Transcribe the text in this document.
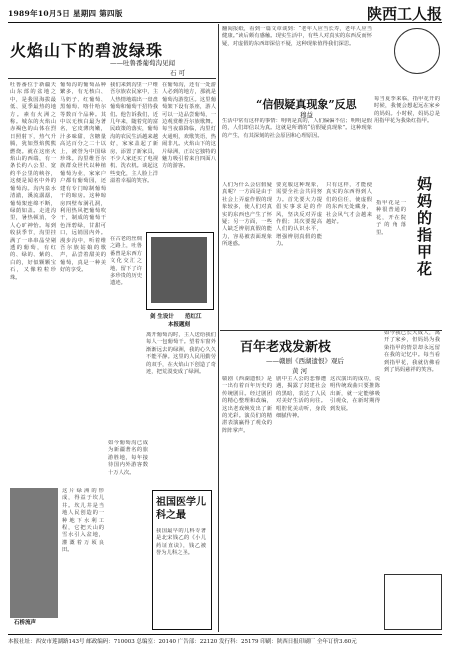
1989年10月5日 星期四 第四版	陕西工人报
火焰山下的碧波绿珠
——吐鲁番葡萄沟见闻
石 可
吐鲁番位于新疆天山东部的盆地之中，是我国海拔最低、夏季最热的地方。素有火洲之称。城东的火焰山赤褐色的山体在烈日照射下，热气升腾，犹如烈焰熊熊燃烧。就在这座火焰山的西端，有一条长约八公里、宽约半公里的峡谷，这便是闻名中外的葡萄沟。沟内泉水清澈，溪流潺潺，葡萄架连绵不断，绿荫如盖。走进沟里，暑热顿消，令人心旷神怡。每到收获季节，沟里挂满了一串串晶莹剔透的葡萄，有红的、绿的、紫的、白的，好似颗颗宝石，又像粒粒珍珠。
葡萄沟的葡萄品种繁多，有无核白、马奶子、红葡萄、黑葡萄、喀什哈尔等数百个品种。其中以无核白最为著名，它皮薄肉嫩，汁多味甜，含糖量高达百分之二十以上，被誉为中国绿珍珠。沟里维吾尔族群众世代以种植葡萄为业，家家户户都有葡萄园，还建有专门晾制葡萄干的晾房。这种晾房四壁布满孔洞，利用热风把葡萄吹干，制成的葡萄干色泽碧绿，甘甜可口，远销国内外。漫步沟中，听着维吾尔族姑娘的歌声，品尝着甜美的葡萄，真是一种美好的享受。
我们来到沟里一户维吾尔族农民家中，主人热情地端出一盘盘葡萄和葡萄干招待我们。他告诉我们，近几年来，随着党的富民政策的落实，葡萄沟的农民生活越来越好，家家盖起了新房，添置了新家具，不少人家还买了电视机、洗衣机。谈起这些变化，主人脸上洋溢着幸福的笑容。
在葡萄沟，还有一处游人必到的地方，那就是葡萄沟游览区。这里葡萄架下设有茶座，游人可以一边品尝葡萄，一边观赏维吾尔族歌舞。每当夜幕降临，沟里灯火通明，欢歌笑语，热闹非凡。火焰山下的这片绿洲，正以它独特的魅力吸引着来自四面八方的游客。
在古老的丝绸之路上，吐鲁番曾是东西方文化交汇之地，留下了许多珍贵的历史遗迹。
剑 生设计 范红江
本报题刻
离开葡萄沟时，主人送给我们每人一包葡萄干。望着车窗外渐渐远去的绿洲，我的心久久不能平静。这里的人民用勤劳的双手，在火焰山下创造了奇迹，把荒漠变成了绿洲。
石桥流声
这片绿洲的形成，得益于坎儿井。坎儿井是当地人民创造的一种地下水利工程，它把天山的雪水引入盆地，灌溉着万顷良田。
如今葡萄沟已成为新疆著名的旅游胜地，每年接待国内外游客数十万人次。
祖国医学儿科之最
我国最早的儿科专著是北宋钱乙的《小儿药证直诀》，钱乙被誉为儿科之圣。
翻阅报纸，看到一篇文章谈到：“老年人应当长寿，老年人应当健康。”读后颇有感触。现实生活中，有些人对真实的东西反而怀疑，对虚假的东西却深信不疑，这种现象值得我们深思。
“信假疑真现象”反思
穆益
生活中常有这样的事情：明明是真的，人们偏偏不信；明明是假的，人们却信以为真。这就是所谓的“信假疑真现象”。这种现象的产生，有其深刻的社会原因和心理原因。
妈妈的指甲花
每当夏季来临，指甲花开的时候，我便会想起远在家乡的妈妈。小时候，妈妈总是用指甲花为我染红指甲。
人们为什么会信假疑真呢？一方面是由于社会上弄虚作假的现象较多，使人们对真实的东西也产生了怀疑；另一方面，一些人缺乏辨别真假的能力，容易被表面现象所迷惑。
要克服这种现象，需要全社会共同努力。首先要大力提倡实事求是的作风，坚决反对弄虚作假；其次要提高人们的认识水平，增强辨别真假的能力。
只有这样，才能使真实的东西得到人们的信任，使虚假的东西无处藏身，社会风气才会越来越好。
指甲花是一种很普通的花，开在院子的角落里。
百年老戏发新枝
——赣剧《西湖遗恨》观后
黄 河
赣剧《西湖遗恨》是一出有着百年历史的传统剧目。经过剧团的精心整理和改编，这出老戏焕发出了新的光彩。演员们的精湛表演赢得了观众的阵阵掌声。
剧中主人公的悲惨遭遇，揭露了封建社会的黑暗，表达了人民对美好生活的向往。唱腔优美动听，身段细腻传神。
这次演出的成功，说明传统戏曲只要推陈出新，就一定能够吸引观众，在新时期得到发展。
如今我已长大成人，离开了家乡，但妈妈为我染指甲的情景却永远留在我的记忆中。每当看到指甲花，我就仿佛看到了妈妈慈祥的笑容。
本报社址：西安市莲湖路143号 邮政编码：710003 总编室：20140 广告部：22120 发行科：25179 印刷：陕西日报印刷厂 全年订价3.60元
